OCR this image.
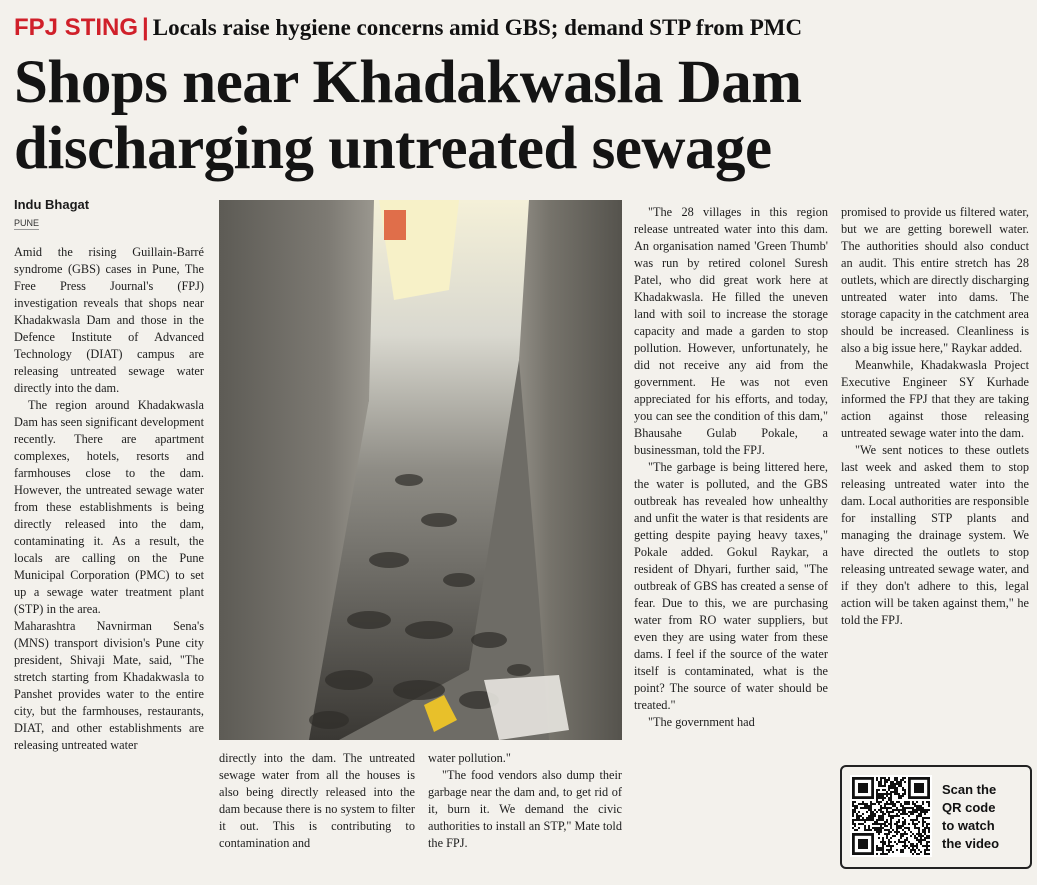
FPJ STING | Locals raise hygiene concerns amid GBS; demand STP from PMC
Shops near Khadakwasla Dam
discharging untreated sewage
Indu Bhagat
PUNE

Amid the rising Guillain-Barré syndrome (GBS) cases in Pune, The Free Press Journal's (FPJ) investigation reveals that shops near Khadakwasla Dam and those in the Defence Institute of Advanced Technology (DIAT) campus are releasing untreated sewage water directly into the dam.

The region around Khadakwasla Dam has seen significant development recently. There are apartment complexes, hotels, resorts and farmhouses close to the dam. However, the untreated sewage water from these establishments is being directly released into the dam, contaminating it. As a result, the locals are calling on the Pune Municipal Corporation (PMC) to set up a sewage water treatment plant (STP) in the area.

Maharashtra Navnirman Sena's (MNS) transport division's Pune city president, Shivaji Mate, said, "The stretch starting from Khadakwasla to Panshet provides water to the entire city, but the farmhouses, restaurants, DIAT, and other establishments are releasing untreated water

directly into the dam. The untreated sewage water from all the houses is also being directly released into the dam because there is no system to filter it out. This is contributing to contamination and

water pollution."

"The food vendors also dump their garbage near the dam and, to get rid of it, burn it. We demand the civic authorities to install an STP," Mate told the FPJ.

"The 28 villages in this region release untreated water into this dam. An organisation named 'Green Thumb' was run by retired colonel Suresh Patel, who did great work here at Khadakwasla. He filled the uneven land with soil to increase the storage capacity and made a garden to stop pollution. However, unfortunately, he did not receive any aid from the government. He was not even appreciated for his efforts, and today, you can see the condition of this dam," Bhausahe Gulab Pokale, a businessman, told the FPJ.

"The garbage is being littered here, the water is polluted, and the GBS outbreak has revealed how unhealthy and unfit the water is that residents are getting despite paying heavy taxes," Pokale added. Gokul Raykar, a resident of Dhyari, further said, "The outbreak of GBS has created a sense of fear. Due to this, we are purchasing water from RO water suppliers, but even they are using water from these dams. I feel if the source of the water itself is contaminated, what is the point? The source of water should be treated."

"The government had

promised to provide us filtered water, but we are getting borewell water. The authorities should also conduct an audit. This entire stretch has 28 outlets, which are directly discharging untreated water into dams. The storage capacity in the catchment area should be increased. Cleanliness is also a big issue here," Raykar added.

Meanwhile, Khadakwasla Project Executive Engineer SY Kurhade informed the FPJ that they are taking action against those releasing untreated sewage water into the dam.

"We sent notices to these outlets last week and asked them to stop releasing untreated water into the dam. Local authorities are responsible for installing STP plants and managing the drainage system. We have directed the outlets to stop releasing untreated sewage water, and if they don't adhere to this, legal action will be taken against them," he told the FPJ.

Scan the
QR code
to watch
the video
